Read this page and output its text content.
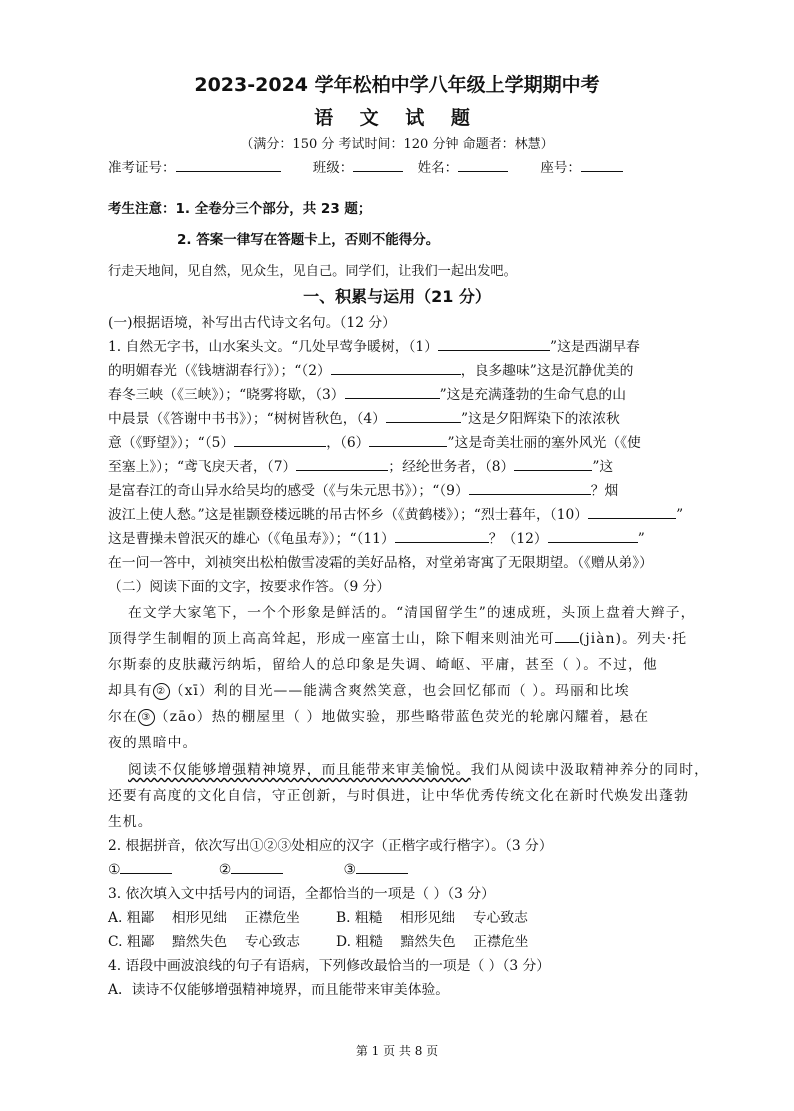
2023-2024 学年松柏中学八年级上学期期中考
语 文 试 题
（满分：150 分 考试时间：120 分钟 命题者：林慧）
准考证号：	班级：	姓名：	座号：
考生注意：1. 全卷分三个部分，共 23 题；
2. 答案一律写在答题卡上，否则不能得分。
行走天地间，见自然，见众生，见自己。同学们，让我们一起出发吧。
一、积累与运用（21 分）
(一)根据语境，补写出古代诗文名句。（12 分）
1. 自然无字书，山水案头文。“几处早莺争暖树，（1）	”这是西湖早春
的明媚春光（《钱塘湖春行》）；“（2）	，良多趣味”这是沉静优美的
春冬三峡（《三峡》）；“晓雾将歇，（3）	”这是充满蓬勃的生命气息的山
中晨景（《答谢中书书》）；“树树皆秋色，（4）	”这是夕阳辉染下的浓浓秋
意（《野望》）；“（5）	，（6）	”这是奇美壮丽的塞外风光（《使
至塞上》）；“鸢飞戾天者，（7）	；经纶世务者，（8）	”这
是富春江的奇山异水给吴均的感受（《与朱元思书》）；“（9）	？烟
波江上使人愁。”这是崔颢登楼远眺的吊古怀乡（《黄鹤楼》）；“烈士暮年，（10）	”
这是曹操未曾泯灭的雄心（《龟虽寿》）；“（11）	？（12）	”
在一问一答中，刘祯突出松柏傲雪凌霜的美好品格，对堂弟寄寓了无限期望。（《赠从弟》）
（二）阅读下面的文字，按要求作答。（9 分）
在文学大家笔下，一个个形象是鲜活的。“清国留学生”的速成班，头顶上盘着大辫子，
顶得学生制帽的顶上高高耸起，形成一座富士山，除下帽来则油光可 (jiàn)。列夫·托
尔斯泰的皮肤藏污纳垢，留给人的总印象是失调、崎岖、平庸，甚至（ ）。不过，他
却具有 ② （xī）利的目光——能满含爽然笑意，也会回忆郁而（ ）。玛丽和比埃
尔在 ③ （zāo）热的棚屋里（ ）地做实验，那些略带蓝色荧光的轮廓闪耀着，悬在
夜的黑暗中。
阅读不仅能够增强精神境界，而且能带来审美愉悦。我们从阅读中汲取精神养分的同时，
还要有高度的文化自信，守正创新，与时俱进，让中华优秀传统文化在新时代焕发出蓬勃
生机。
2. 根据拼音，依次写出①②③处相应的汉字（正楷字或行楷字）。（3 分）
①	②	③
3. 依次填入文中括号内的词语，全都恰当的一项是（ ）（3 分）
A. 粗鄙    相形见绌    正襟危坐	B. 粗糙    相形见绌    专心致志
C. 粗鄙    黯然失色    专心致志	D. 粗糙    黯然失色    正襟危坐
4. 语段中画波浪线的句子有语病，下列修改最恰当的一项是（ ）（3 分）
A．读诗不仅能够增强精神境界，而且能带来审美体验。
第 1 页 共 8 页
